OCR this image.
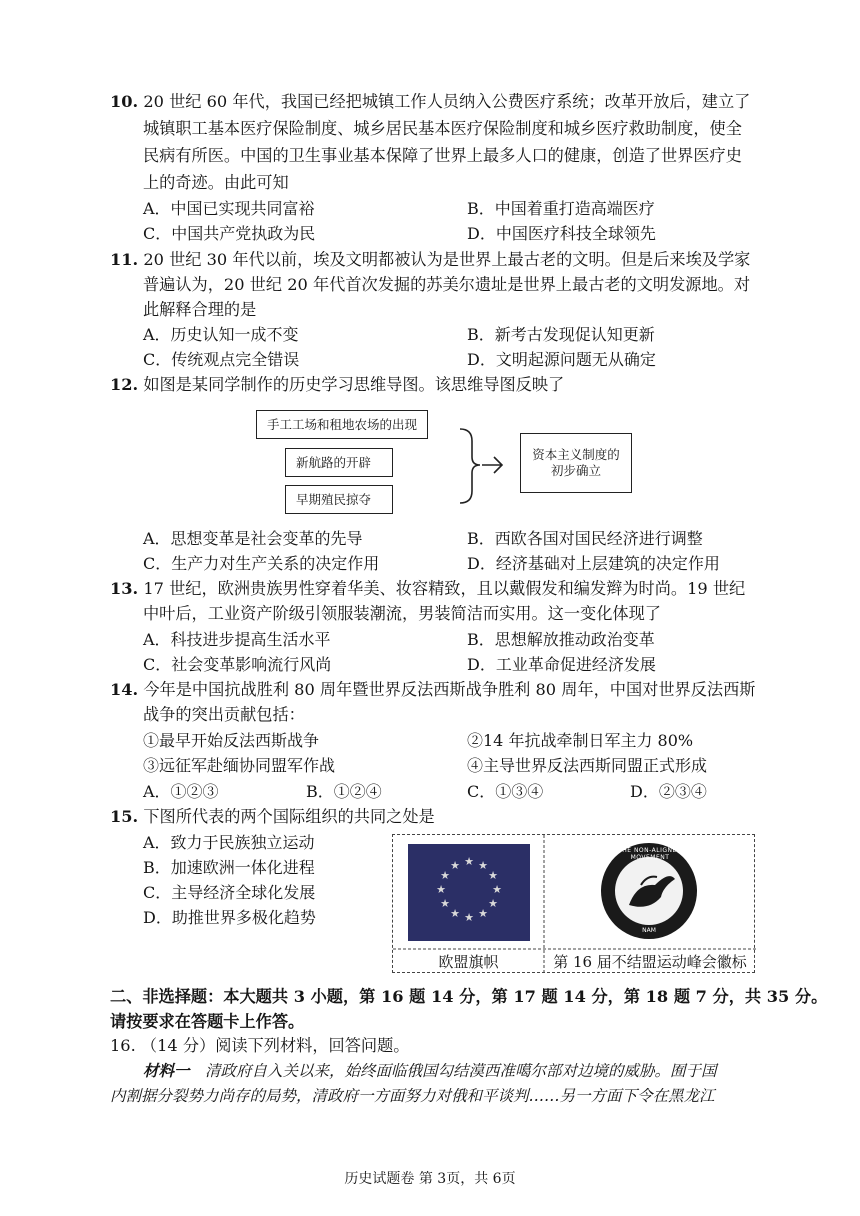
10. 20 世纪 60 年代，我国已经把城镇工作人员纳入公费医疗系统；改革开放后，建立了
城镇职工基本医疗保险制度、城乡居民基本医疗保险制度和城乡医疗救助制度，使全
民病有所医。中国的卫生事业基本保障了世界上最多人口的健康，创造了世界医疗史
上的奇迹。由此可知
A．中国已实现共同富裕	B．中国着重打造高端医疗
C．中国共产党执政为民	D．中国医疗科技全球领先
11. 20 世纪 30 年代以前，埃及文明都被认为是世界上最古老的文明。但是后来埃及学家
普遍认为，20 世纪 20 年代首次发掘的苏美尔遗址是世界上最古老的文明发源地。对
此解释合理的是
A．历史认知一成不变	B．新考古发现促认知更新
C．传统观点完全错误	D．文明起源问题无从确定
12. 如图是某同学制作的历史学习思维导图。该思维导图反映了
手工工场和租地农场的出现
新航路的开辟
早期殖民掠夺
资本主义制度的初步确立
A．思想变革是社会变革的先导	B．西欧各国对国民经济进行调整
C．生产力对生产关系的决定作用	D．经济基础对上层建筑的决定作用
13. 17 世纪，欧洲贵族男性穿着华美、妆容精致，且以戴假发和编发辫为时尚。19 世纪
中叶后，工业资产阶级引领服装潮流，男装简洁而实用。这一变化体现了
A．科技进步提高生活水平	B．思想解放推动政治变革
C．社会变革影响流行风尚	D．工业革命促进经济发展
14. 今年是中国抗战胜利 80 周年暨世界反法西斯战争胜利 80 周年，中国对世界反法西斯
战争的突出贡献包括：
①最早开始反法西斯战争	②14 年抗战牵制日军主力 80%
③远征军赴缅协同盟军作战	④主导世界反法西斯同盟正式形成
A．①②③	B．①②④	C．①③④	D．②③④
15. 下图所代表的两个国际组织的共同之处是
A．致力于民族独立运动
B．加速欧洲一体化进程
C．主导经济全球化发展
D．助推世界多极化趋势
★ ★
★
★
★
★
★
★
★
★
★
★
THE NON-ALIGNED MOVEMENT
NAM
欧盟旗帜	第 16 届不结盟运动峰会徽标
二、非选择题：本大题共 3 小题，第 16 题 14 分，第 17 题 14 分，第 18 题 7 分，共 35 分。
请按要求在答题卡上作答。
16. （14 分）阅读下列材料，回答问题。
材料一　 清政府自入关以来，始终面临俄国勾结漠西准噶尔部对边境的威胁。囿于国
内割据分裂势力尚存的局势，清政府一方面努力对俄和平谈判……另一方面下令在黑龙江
历史试题卷 第 3页，共 6页
